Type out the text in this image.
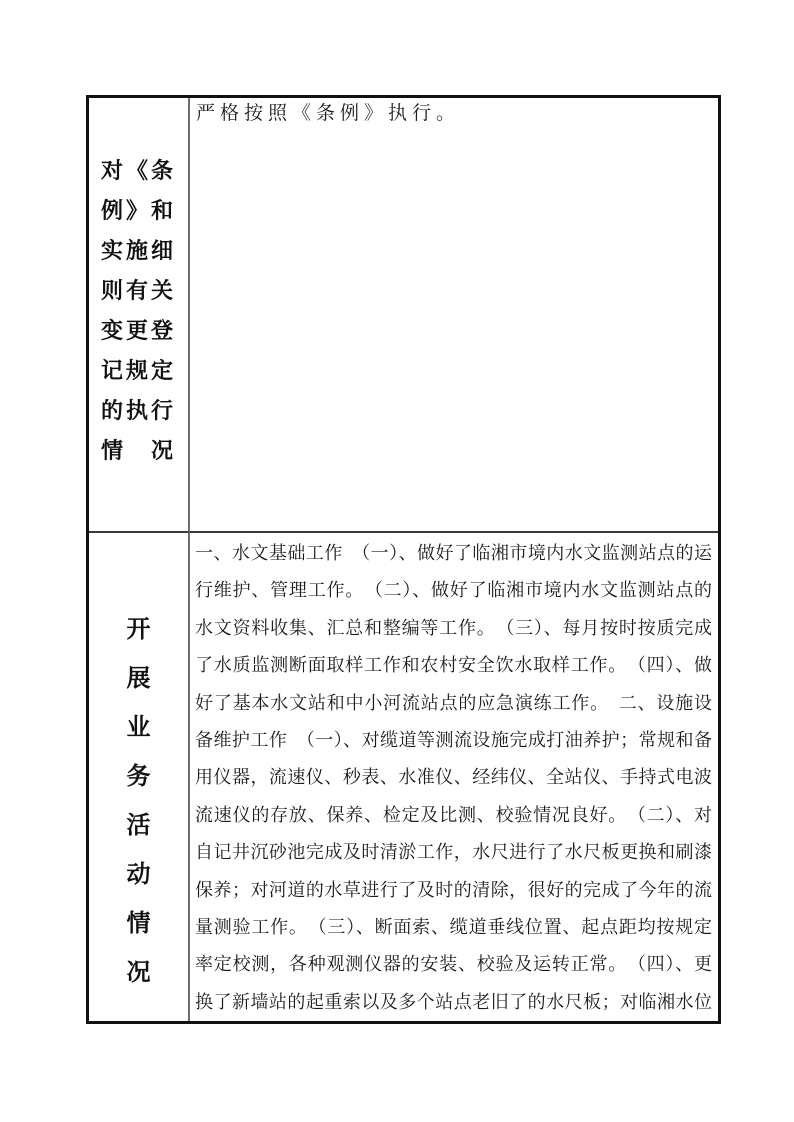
对《条
例》和
实施细
则有关
变更登
记规定
的执行
情　况
严格按照《条例》执行。
开
展
业
务
活
动
情
况
一、水文基础工作　（一）、做好了临湘市境内水文监测站点的运
行维护、管理工作。　（二）、做好了临湘市境内水文监测站点的
水文资料收集、汇总和整编等工作。　（三）、每月按时按质完成
了水质监测断面取样工作和农村安全饮水取样工作。　（四）、做
好了基本水文站和中小河流站点的应急演练工作。　二、设施设
备维护工作　（一）、对缆道等测流设施完成打油养护；常规和备
用仪器，流速仪、秒表、水准仪、经纬仪、全站仪、手持式电波
流速仪的存放、保养、检定及比测、校验情况良好。　（二）、对
自记井沉砂池完成及时清淤工作，水尺进行了水尺板更换和刷漆
保养；对河道的水草进行了及时的清除，很好的完成了今年的流
量测验工作。　（三）、断面索、缆道垂线位置、起点距均按规定
率定校测，各种观测仪器的安装、校验及运转正常。　（四）、更
换了新墙站的起重索以及多个站点老旧了的水尺板；对临湘水位
